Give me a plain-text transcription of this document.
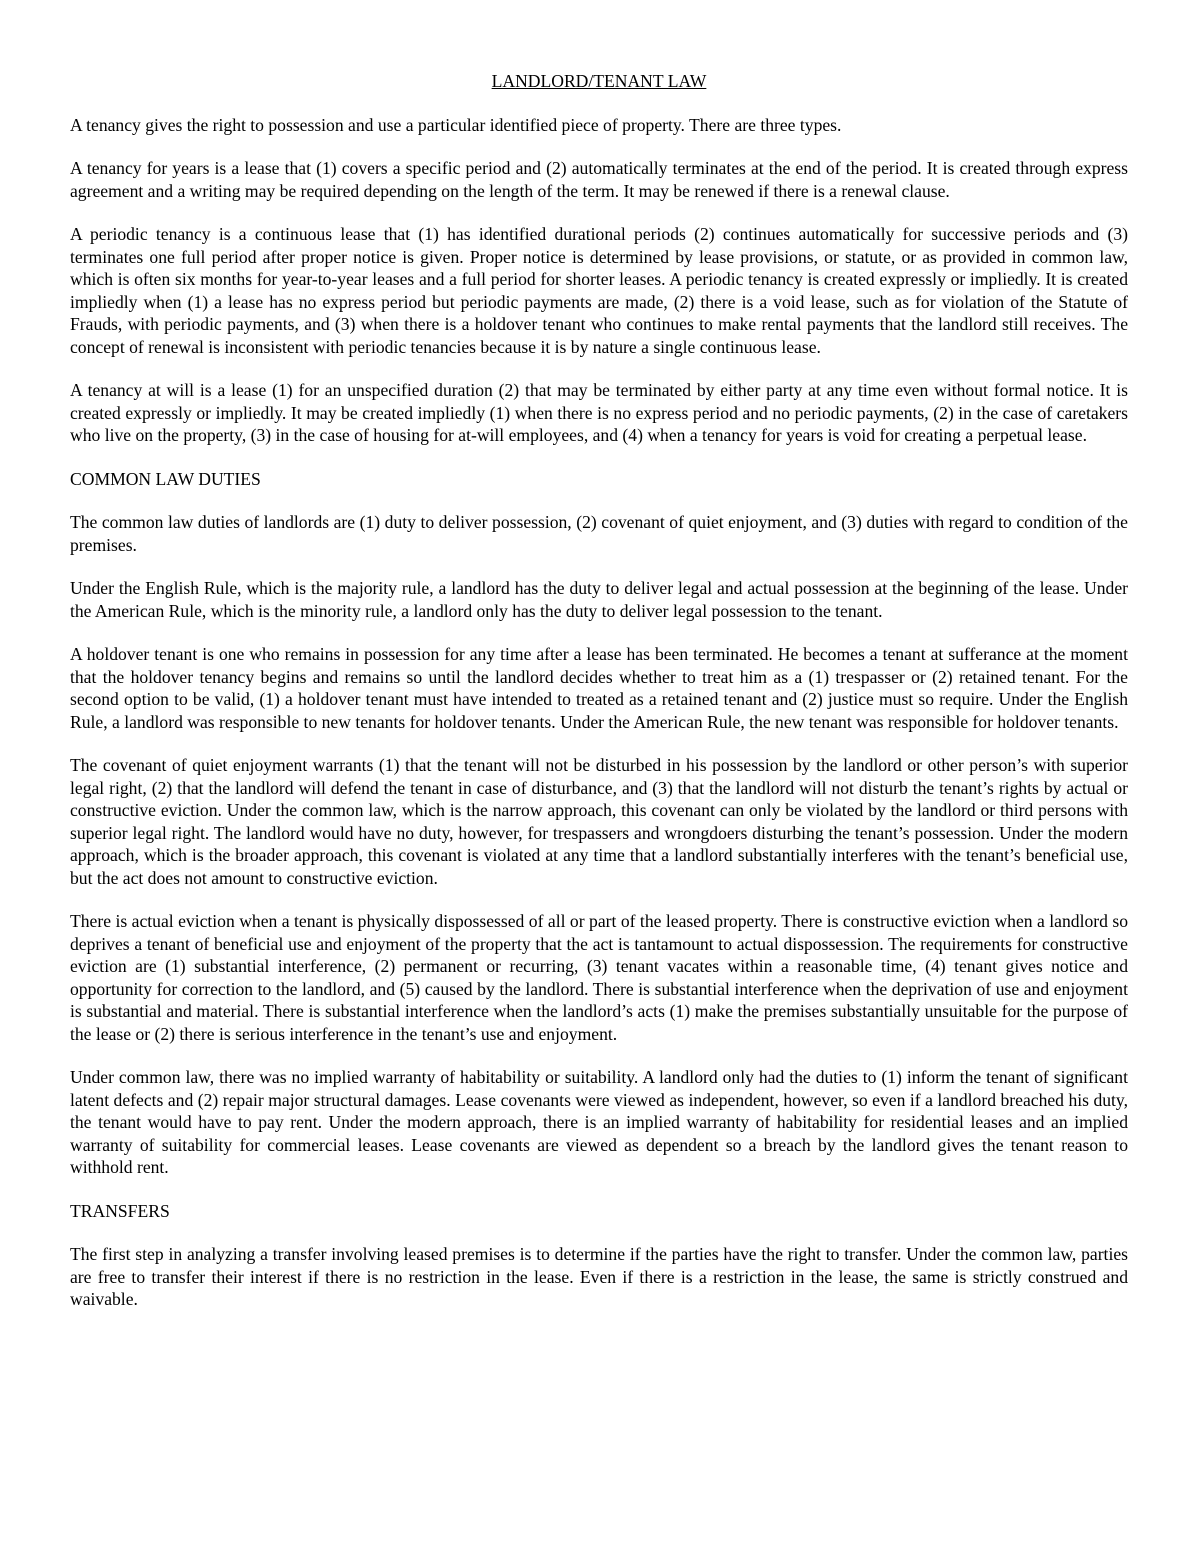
LANDLORD/TENANT LAW

A tenancy gives the right to possession and use a particular identified piece of property. There are three types.

A tenancy for years is a lease that (1) covers a specific period and (2) automatically terminates at the end of the period. It is created through express agreement and a writing may be required depending on the length of the term. It may be renewed if there is a renewal clause.

A periodic tenancy is a continuous lease that (1) has identified durational periods (2) continues automatically for successive periods and (3) terminates one full period after proper notice is given. Proper notice is determined by lease provisions, or statute, or as provided in common law, which is often six months for year-to-year leases and a full period for shorter leases. A periodic tenancy is created expressly or impliedly. It is created impliedly when (1) a lease has no express period but periodic payments are made, (2) there is a void lease, such as for violation of the Statute of Frauds, with periodic payments, and (3) when there is a holdover tenant who continues to make rental payments that the landlord still receives. The concept of renewal is inconsistent with periodic tenancies because it is by nature a single continuous lease.

A tenancy at will is a lease (1) for an unspecified duration (2) that may be terminated by either party at any time even without formal notice. It is created expressly or impliedly. It may be created impliedly (1) when there is no express period and no periodic payments, (2) in the case of caretakers who live on the property, (3) in the case of housing for at-will employees, and (4) when a tenancy for years is void for creating a perpetual lease.

COMMON LAW DUTIES

The common law duties of landlords are (1) duty to deliver possession, (2) covenant of quiet enjoyment, and (3) duties with regard to condition of the premises.

Under the English Rule, which is the majority rule, a landlord has the duty to deliver legal and actual possession at the beginning of the lease. Under the American Rule, which is the minority rule, a landlord only has the duty to deliver legal possession to the tenant.

A holdover tenant is one who remains in possession for any time after a lease has been terminated. He becomes a tenant at sufferance at the moment that the holdover tenancy begins and remains so until the landlord decides whether to treat him as a (1) trespasser or (2) retained tenant. For the second option to be valid, (1) a holdover tenant must have intended to treated as a retained tenant and (2) justice must so require. Under the English Rule, a landlord was responsible to new tenants for holdover tenants. Under the American Rule, the new tenant was responsible for holdover tenants.

The covenant of quiet enjoyment warrants (1) that the tenant will not be disturbed in his possession by the landlord or other person’s with superior legal right, (2) that the landlord will defend the tenant in case of disturbance, and (3) that the landlord will not disturb the tenant’s rights by actual or constructive eviction. Under the common law, which is the narrow approach, this covenant can only be violated by the landlord or third persons with superior legal right. The landlord would have no duty, however, for trespassers and wrongdoers disturbing the tenant’s possession. Under the modern approach, which is the broader approach, this covenant is violated at any time that a landlord substantially interferes with the tenant’s beneficial use, but the act does not amount to constructive eviction.

There is actual eviction when a tenant is physically dispossessed of all or part of the leased property. There is constructive eviction when a landlord so deprives a tenant of beneficial use and enjoyment of the property that the act is tantamount to actual dispossession. The requirements for constructive eviction are (1) substantial interference, (2) permanent or recurring, (3) tenant vacates within a reasonable time, (4) tenant gives notice and opportunity for correction to the landlord, and (5) caused by the landlord. There is substantial interference when the deprivation of use and enjoyment is substantial and material. There is substantial interference when the landlord’s acts (1) make the premises substantially unsuitable for the purpose of the lease or (2) there is serious interference in the tenant’s use and enjoyment.

Under common law, there was no implied warranty of habitability or suitability. A landlord only had the duties to (1) inform the tenant of significant latent defects and (2) repair major structural damages. Lease covenants were viewed as independent, however, so even if a landlord breached his duty, the tenant would have to pay rent. Under the modern approach, there is an implied warranty of habitability for residential leases and an implied warranty of suitability for commercial leases. Lease covenants are viewed as dependent so a breach by the landlord gives the tenant reason to withhold rent.

TRANSFERS

The first step in analyzing a transfer involving leased premises is to determine if the parties have the right to transfer. Under the common law, parties are free to transfer their interest if there is no restriction in the lease. Even if there is a restriction in the lease, the same is strictly construed and waivable.
